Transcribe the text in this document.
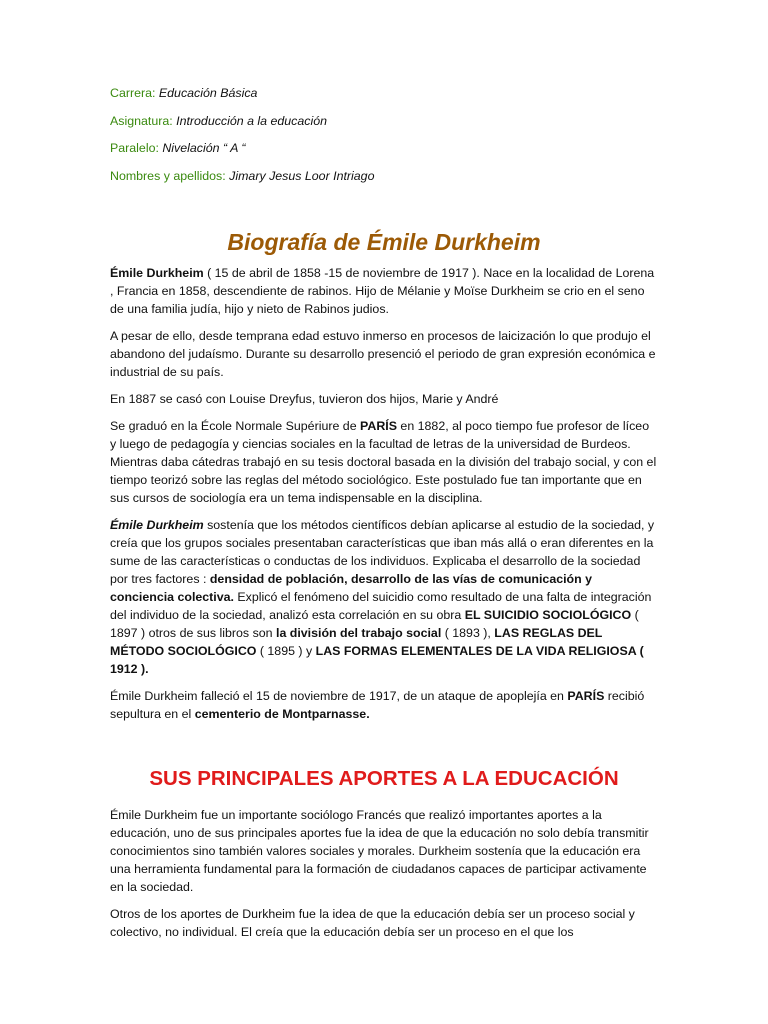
Carrera: Educación Básica

Asignatura: Introducción a la educación

Paralelo: Nivelación “ A “

Nombres y apellidos: Jimary Jesus Loor Intriago

Biografía de Émile Durkheim

Émile Durkheim ( 15 de abril de 1858 -15 de noviembre de 1917 ). Nace en la localidad de Lorena , Francia en 1858, descendiente de rabinos. Hijo de Mélanie y Moïse Durkheim se crio en el seno de una familia judía, hijo y nieto de Rabinos judios.

A pesar de ello, desde temprana edad estuvo inmerso en procesos de laicización lo que produjo el abandono del judaísmo. Durante su desarrollo presenció el periodo de gran expresión económica e industrial de su país.

En 1887 se casó con Louise Dreyfus, tuvieron dos hijos, Marie y André

Se graduó en la École Normale Supériure de PARÍS en 1882, al poco tiempo fue profesor de líceo y luego de pedagogía y ciencias sociales en la facultad de letras de la universidad de Burdeos. Mientras daba cátedras trabajó en su tesis doctoral basada en la división del trabajo social, y con el tiempo teorizó sobre las reglas del método sociológico. Este postulado fue tan importante que en sus cursos de sociología era un tema indispensable en la disciplina.

Émile Durkheim sostenía que los métodos científicos debían aplicarse al estudio de la sociedad, y creía que los grupos sociales presentaban características que iban más allá o eran diferentes en la sume de las características o conductas de los individuos. Explicaba el desarrollo de la sociedad por tres factores : densidad de población, desarrollo de las vías de comunicación y conciencia colectiva. Explicó el fenómeno del suicidio como resultado de una falta de integración del individuo de la sociedad, analizó esta correlación en su obra EL SUICIDIO SOCIOLÓGICO ( 1897 ) otros de sus libros son la división del trabajo social ( 1893 ), LAS REGLAS DEL MÉTODO SOCIOLÓGICO ( 1895 ) y LAS FORMAS ELEMENTALES DE LA VIDA RELIGIOSA ( 1912 ).

Émile Durkheim falleció el 15 de noviembre de 1917, de un ataque de apoplejía en PARÍS recibió sepultura en el cementerio de Montparnasse.

SUS PRINCIPALES APORTES A LA EDUCACIÓN

Émile Durkheim fue un importante sociólogo Francés que realizó importantes aportes a la educación, uno de sus principales aportes fue la idea de que la educación no solo debía transmitir conocimientos sino también valores sociales y morales. Durkheim sostenía que la educación era una herramienta fundamental para la formación de ciudadanos capaces de participar activamente en la sociedad.

Otros de los aportes de Durkheim fue la idea de que la educación debía ser un proceso social y colectivo, no individual. El creía que la educación debía ser un proceso en el que los
